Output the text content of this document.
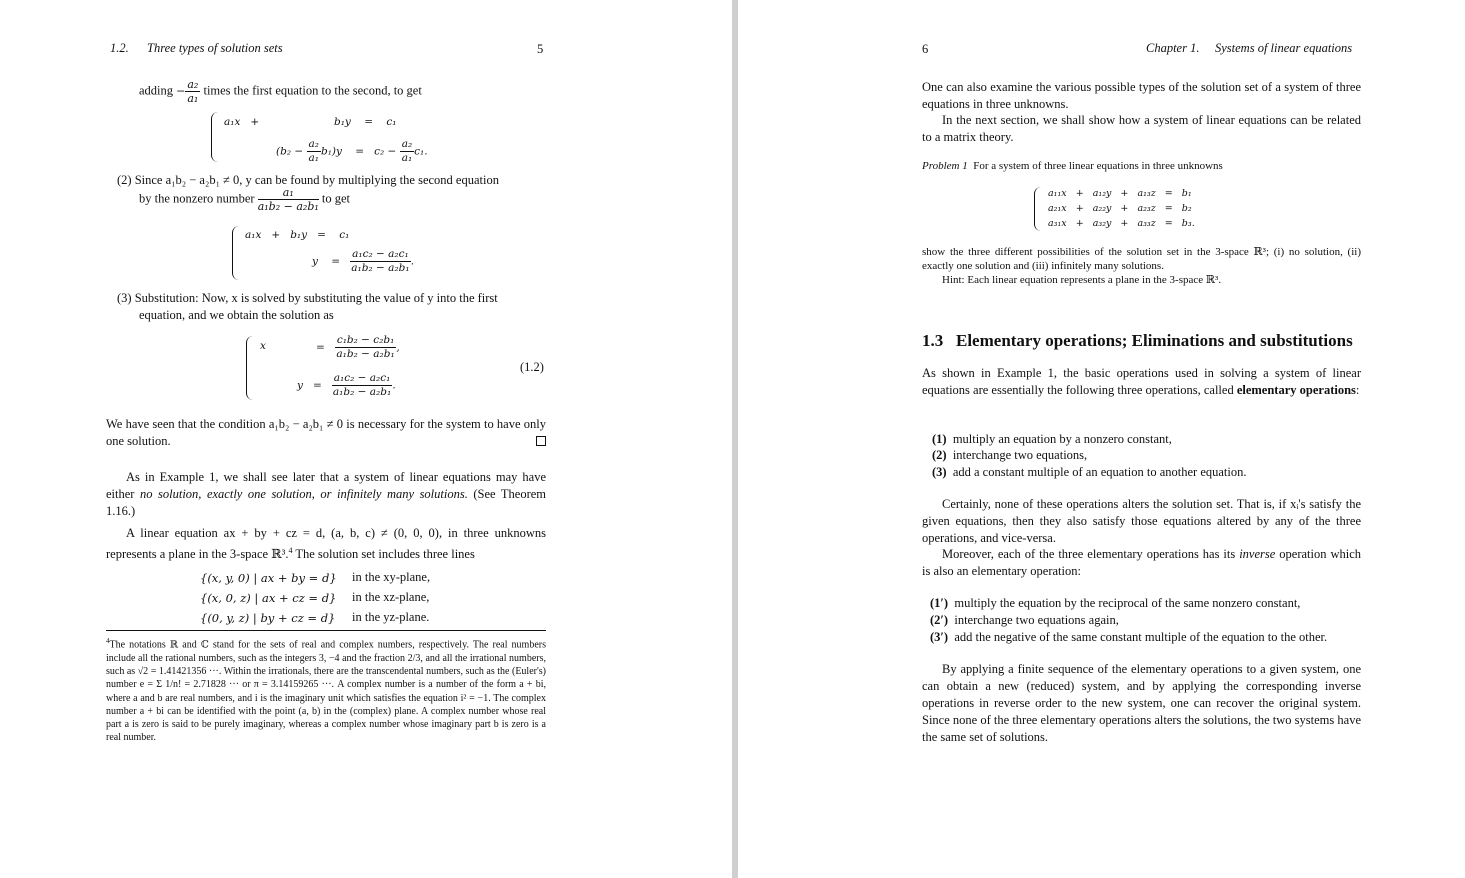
1.2. Three types of solution sets	5
adding − $\frac{\text{a₂}}{\text{a₁}}$ times the first equation to the second, to get
a₁x   +	b₁y    =    c₁
$(b_2 - \frac{\text{a₂}}{\text{a₁}} b_1)y$    =   $c_2 - \frac{\text{a₂}}{\text{a₁}} c_1$.
(2) Since a₁b₂ − a₂b₁ ≠ 0, y can be found by multiplying the second equation
by the nonzero number $\frac{\text{a₁}}{\text{a₁b₂ − a₂b₁}}$ to get
a₁x   +   b₁y   =    c₁
y    = $\frac{\text{a₁c₂ − a₂c₁}}{\text{a₁b₂ − a₂b₁}}$ .
(3) Substitution: Now, x is solved by substituting the value of y into the first
equation, and we obtain the solution as
x	= $\frac{\text{c₁b₂ − c₂b₁}}{\text{a₁b₂ − a₂b₁}}$ ,
$y = \frac{\text{a₁c₂ − a₂c₁}}{\text{a₁b₂ − a₂b₁}}$ .
(1.2)
We have seen that the condition a₁b₂ − a₂b₁ ≠ 0 is necessary for the system to have only one solution.
As in Example 1, we shall see later that a system of linear equations may have either no solution, exactly one solution, or infinitely many solutions. (See Theorem 1.16.)
A linear equation ax + by + cz = d, (a, b, c) ≠ (0, 0, 0), in three unknowns represents a plane in the 3-space ℝ³.$^4$ The solution set includes three lines
{(x, y, 0) | ax + by = d} in the xy-plane,
{(x, 0, z) | ax + cz = d} in the xz-plane,
{(0, y, z) | by + cz = d} in the yz-plane.
$^4$The notations ℝ and ℂ stand for the sets of real and complex numbers, respectively. The real numbers include all the rational numbers, such as the integers 3, −4 and the fraction 2/3, and all the irrational numbers, such as √2 = 1.41421356 ···. Within the irrationals, there are the transcendental numbers, such as the (Euler's) number e = Σ 1/n! = 2.71828 ··· or π = 3.14159265 ···. A complex number is a number of the form a + bi, where a and b are real numbers, and i is the imaginary unit which satisfies the equation i² = −1. The complex number a + bi can be identified with the point (a, b) in the (complex) plane. A complex number whose real part a is zero is said to be purely imaginary, whereas a complex number whose imaginary part b is zero is a real number.
6	Chapter 1. Systems of linear equations
One can also examine the various possible types of the solution set of a system of three equations in three unknowns.
In the next section, we shall show how a system of linear equations can be related to a matrix theory.
Problem 1 For a system of three linear equations in three unknowns
a₁₁x   +   a₁₂y   +   a₁₃z   =   b₁
a₂₁x   +   a₂₂y   +   a₂₃z   =   b₂
a₃₁x   +   a₃₂y   +   a₃₃z   =   b₃.
show the three different possibilities of the solution set in the 3-space ℝ³; (i) no solution, (ii) exactly one solution and (iii) infinitely many solutions.
Hint: Each linear equation represents a plane in the 3-space ℝ³.
1.3 Elementary operations; Eliminations and substitutions
As shown in Example 1, the basic operations used in solving a system of linear equations are essentially the following three operations, called elementary operations:
(1) multiply an equation by a nonzero constant,
(2) interchange two equations,
(3) add a constant multiple of an equation to another equation.
Certainly, none of these operations alters the solution set. That is, if xᵢ's satisfy the given equations, then they also satisfy those equations altered by any of the three operations, and vice-versa.
Moreover, each of the three elementary operations has its inverse operation which is also an elementary operation:
(1′) multiply the equation by the reciprocal of the same nonzero constant,
(2′) interchange two equations again,
(3′) add the negative of the same constant multiple of the equation to the other.
By applying a finite sequence of the elementary operations to a given system, one can obtain a new (reduced) system, and by applying the corresponding inverse operations in reverse order to the new system, one can recover the original system. Since none of the three elementary operations alters the solutions, the two systems have the same set of solutions.
